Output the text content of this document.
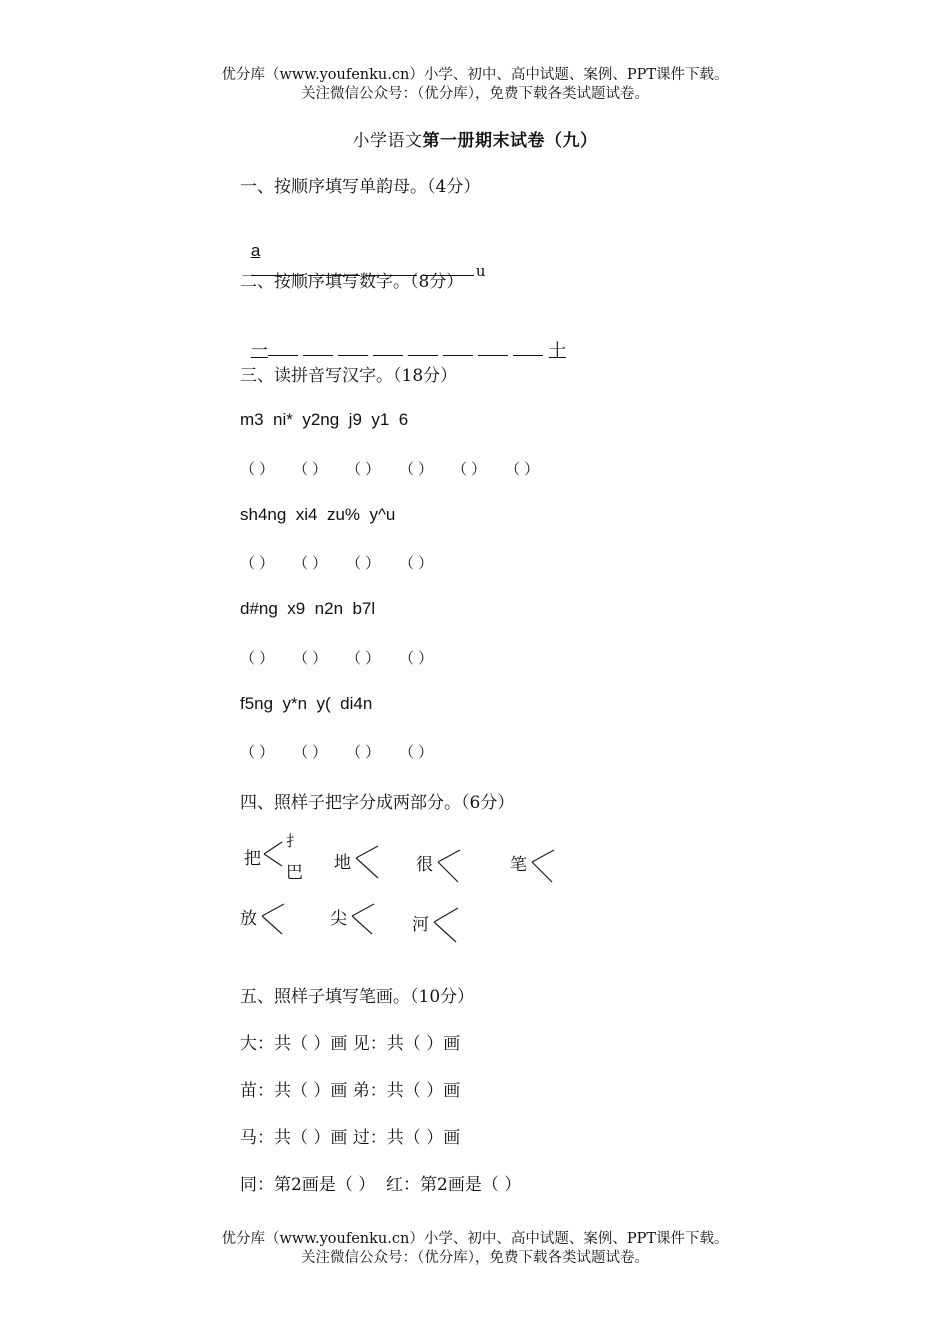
优分库（www.youfenku.cn）小学、初中、高中试题、案例、PPT课件下载。
关注微信公众号：（优分库），免费下载各类试题试卷。
小学语文第一册期末试卷（九）
一、按顺序填写单韵母。（4分）

a
u

二、按顺序填写数字。（8分）

一	十

三、读拼音写汉字。（18分）
m3  ni*  y2ng  j9  y1  6
（ ） （ ） （ ） （ ） （ ） （ ）
sh4ng  xi4  zu%  y^u
（ ） （ ） （ ） （ ）
d#ng  x9  n2n  b7l
（ ） （ ） （ ） （ ）
f5ng  y*n  y(  di4n
（ ） （ ） （ ） （ ）
四、照样子把字分成两部分。（6分）
把
扌
巴 地	很	笔
放	尖	河
五、照样子填写笔画。（10分）
大：共（ ）画 见：共（ ）画
苗：共（ ）画 弟：共（ ）画
马：共（ ）画 过：共（ ）画
同：第2画是（ ）  红：第2画是（ ）
优分库（www.youfenku.cn）小学、初中、高中试题、案例、PPT课件下载。
关注微信公众号：（优分库），免费下载各类试题试卷。
